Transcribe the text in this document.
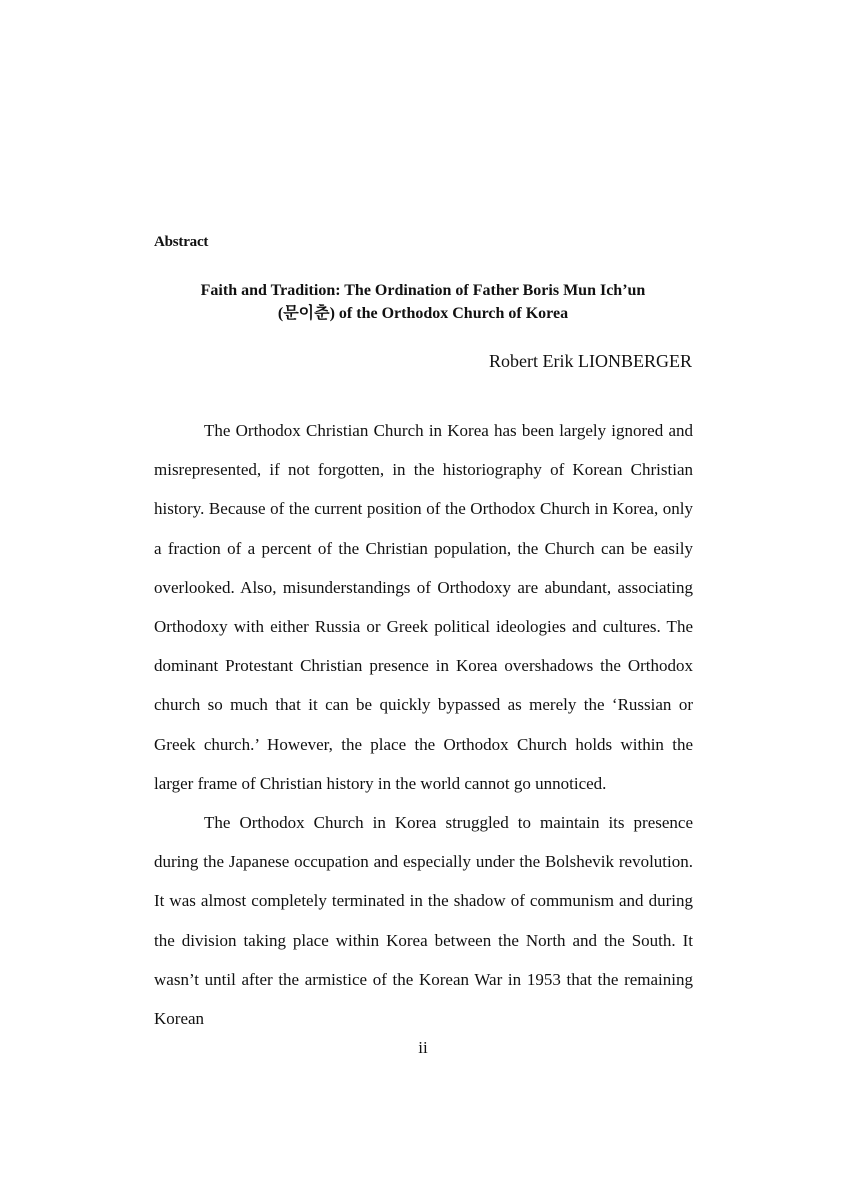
Abstract
Faith and Tradition: The Ordination of Father Boris Mun Ich’un
(문이춘) of the Orthodox Church of Korea
Robert Erik LIONBERGER

The Orthodox Christian Church in Korea has been largely ignored and misrepresented, if not forgotten, in the historiography of Korean Christian history. Because of the current position of the Orthodox Church in Korea, only a fraction of a percent of the Christian population, the Church can be easily overlooked. Also, misunderstandings of Orthodoxy are abundant, associating Orthodoxy with either Russia or Greek political ideologies and cultures. The dominant Protestant Christian presence in Korea overshadows the Orthodox church so much that it can be quickly bypassed as merely the ‘Russian or Greek church.’ However, the place the Orthodox Church holds within the larger frame of Christian history in the world cannot go unnoticed.

The Orthodox Church in Korea struggled to maintain its presence during the Japanese occupation and especially under the Bolshevik revolution. It was almost completely terminated in the shadow of communism and during the division taking place within Korea between the North and the South. It wasn’t until after the armistice of the Korean War in 1953 that the remaining Korean

ii
